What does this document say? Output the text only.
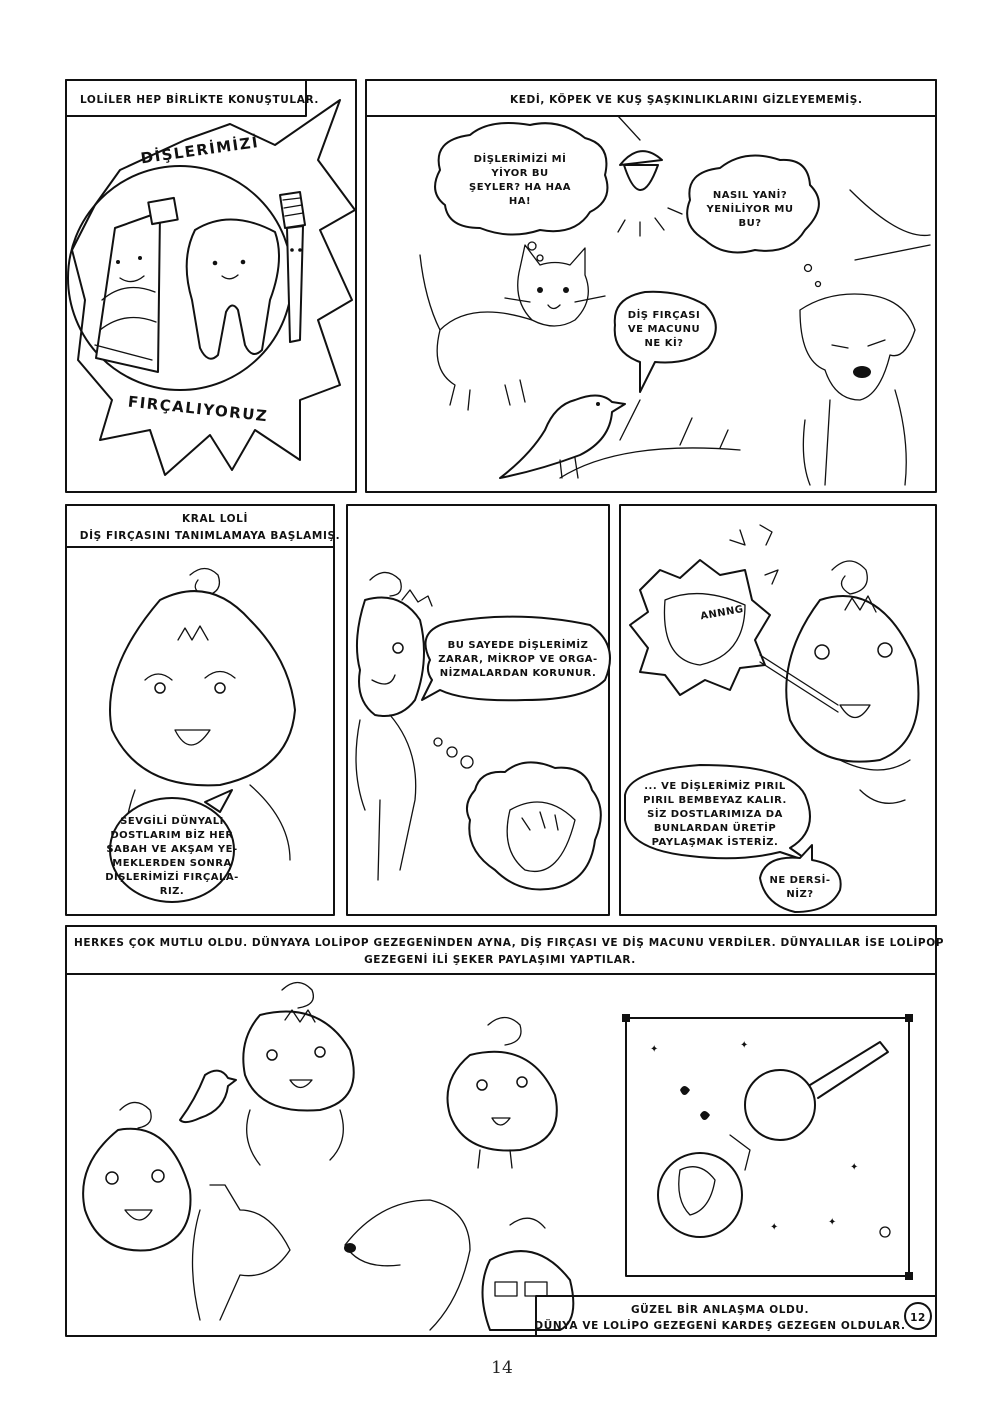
LOLİLER HEP BİRLİKTE KONUŞTULAR.
DİŞLERİMİZİ
FIRÇALIYORUZ
KEDİ, KÖPEK VE KUŞ ŞAŞKINLIKLARINI GİZLEYEMEMİŞ.
DİŞLERİMİZİ Mİ
YİYOR BU
ŞEYLER? HA HAA
HA!
NASIL YANİ?
YENİLİYOR MU
BU?
DİŞ FIRÇASI
VE MACUNU
NE Kİ?
KRAL LOLİ
DİŞ FIRÇASINI TANIMLAMAYA BAŞLAMIŞ.
SEVGİLİ DÜNYALI
DOSTLARIM BİZ HER
SABAH VE AKŞAM YE-
MEKLERDEN SONRA
DİŞLERİMİZİ FIRÇALA-
RIZ.
BU SAYEDE DİŞLERİMİZ
ZARAR, MİKROP VE ORGA-
NİZMALARDAN KORUNUR.
ANNNG
... VE DİŞLERİMİZ PIRIL
PIRIL BEMBEYAZ KALIR.
SİZ DOSTLARIMIZA DA
BUNLARDAN ÜRETİP
PAYLAŞMAK İSTERİZ.
NE DERSİ-
NİZ?
HERKES ÇOK MUTLU OLDU. DÜNYAYA LOLİPOP GEZEGENİNDEN AYNA, DİŞ FIRÇASI VE DİŞ MACUNU VERDİLER. DÜNYALILAR İSE LOLİPOP
GEZEGENİ İLİ ŞEKER PAYLAŞIMI YAPTILAR.
✦	✦
✦
✦
✦
GÜZEL BİR ANLAŞMA OLDU.
DÜNYA VE LOLİPO GEZEGENİ KARDEŞ GEZEGEN OLDULAR.
12
14
